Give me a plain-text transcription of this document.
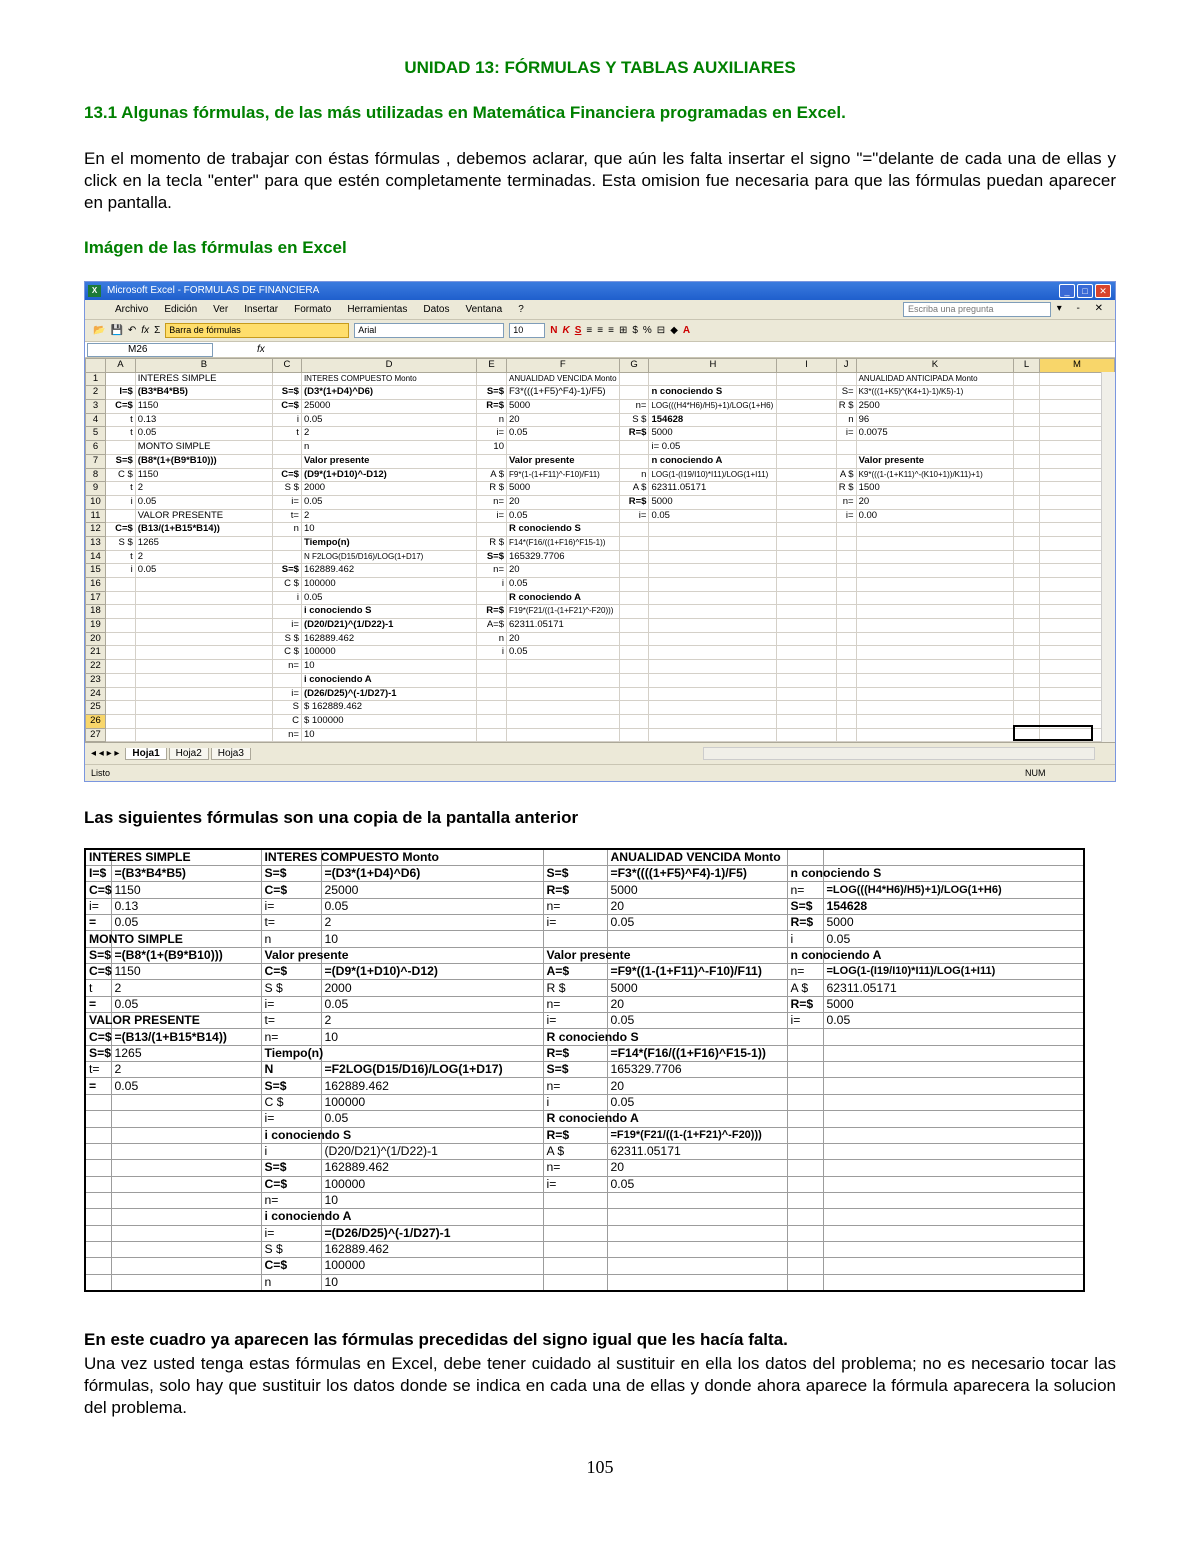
UNIDAD 13: FÓRMULAS Y TABLAS AUXILIARES
13.1 Algunas fórmulas, de las más utilizadas en Matemática Financiera programadas en Excel.
En el momento de trabajar con éstas fórmulas , debemos aclarar, que aún les falta insertar el signo "="delante de cada una de ellas y click en la tecla "enter" para que estén completamente terminadas. Esta omision fue necesaria para que las fórmulas puedan aparecer en pantalla.
Imágen de las fórmulas en Excel
X Microsoft Excel - FORMULAS DE FINANCIERA	_	□	✕
Archivo Edición Ver Insertar Formato Herramientas Datos Ventana ?	Escriba una pregunta	▾ - ✕
📂 💾 ↶ fx Σ	Barra de fórmulas	Arial	10	N K S ≡ ≡ ≡ ⊞ $ % ⊟ ◆ A
M26	fx
	A	B	C	D	E	F	G	H	I	J	K	L	M
1		INTERES SIMPLE		INTERES COMPUESTO Monto		ANUALIDAD VENCIDA Monto					ANUALIDAD ANTICIPADA Monto		
2	I=$	(B3*B4*B5)	S=$	(D3*(1+D4)^D6)	S=$	F3*(((1+F5)^F4)-1)/F5)		n conociendo S		S=	K3*(((1+K5)^(K4+1)-1)/K5)-1)		
3	C=$	1150	C=$	25000	R=$	5000	n=	LOG(((H4*H6)/H5)+1)/LOG(1+H6)		R $	2500		
4	t	0.13	i	0.05	n	20	S $	154628		n	96		
5	t	0.05	t	2	i=	0.05	R=$	5000		i=	0.0075		
6		MONTO SIMPLE		n	10			i= 0.05					
7	S=$	(B8*(1+(B9*B10)))		Valor presente		Valor presente		n conociendo A			Valor presente		
8	C $	1150	C=$	(D9*(1+D10)^-D12)	A $	F9*(1-(1+F11)^-F10)/F11)	n	LOG(1-(I19/I10)*I11)/LOG(1+I11)		A $	K9*(((1-(1+K11)^-(K10+1))/K11)+1)		
9	t	2	S $	2000	R $	5000	A $	62311.05171		R $	1500		
10	i	0.05	i=	0.05	n=	20	R=$	5000		n=	20		
11		VALOR PRESENTE	t=	2	i=	0.05	i=	0.05		i=	0.00		
12	C=$	(B13/(1+B15*B14))	n	10		R conociendo S							
13	S $	1265		Tiempo(n)	R $	F14*(F16/((1+F16)^F15-1))							
14	t	2		N F2LOG(D15/D16)/LOG(1+D17)	S=$	165329.7706							
15	i	0.05	S=$	162889.462	n=	20							
16			C $	100000	i	0.05							
17			i	0.05		R conociendo A							
18				i conociendo S	R=$	F19*(F21/((1-(1+F21)^-F20)))							
19			i=	(D20/D21)^(1/D22)-1	A=$	62311.05171							
20			S $	162889.462	n	20							
21			C $	100000	i	0.05							
22			n=	10									
23				i conociendo A									
24			i=	(D26/D25)^(-1/D27)-1									
25			S	$ 162889.462									
26			C	$ 100000									
27			n=	10									
◂ ◂ ▸ ▸	Hoja1	Hoja2	Hoja3
Listo	NUM
Las siguientes fórmulas son una copia de la pantalla anterior
INTERES SIMPLE		INTERES COMPUESTO Monto			ANUALIDAD VENCIDA Monto		
I=$	=(B3*B4*B5)	S=$	=(D3*(1+D4)^D6)	S=$	=F3*((((1+F5)^F4)-1)/F5)	n conociendo S	
C=$	1150	C=$	25000	R=$	5000	n=	=LOG(((H4*H6)/H5)+1)/LOG(1+H6)
i=	0.13	i=	0.05	n=	20	S=$	154628
=	0.05	t=	2	i=	0.05	R=$	5000
MONTO SIMPLE		n	10			i	0.05
S=$	=(B8*(1+(B9*B10)))	Valor presente		Valor presente		n conociendo A	
C=$	1150	C=$	=(D9*(1+D10)^-D12)	A=$	=F9*((1-(1+F11)^-F10)/F11)	n=	=LOG(1-(I19/I10)*I11)/LOG(1+I11)
t	2	S $	2000	R $	5000	A $	62311.05171
=	0.05	i=	0.05	n=	20	R=$	5000
VALOR PRESENTE		t=	2	i=	0.05	i=	0.05
C=$	=(B13/(1+B15*B14))	n=	10	R conociendo S			
S=$	1265	Tiempo(n)		R=$	=F14*(F16/((1+F16)^F15-1))		
t=	2	N	=F2LOG(D15/D16)/LOG(1+D17)	S=$	165329.7706		
=	0.05	S=$	162889.462	n=	20		
		C $	100000	i	0.05		
		i=	0.05	R conociendo A			
		i conociendo S		R=$	=F19*(F21/((1-(1+F21)^-F20)))		
		i	(D20/D21)^(1/D22)-1	A $	62311.05171		
		S=$	162889.462	n=	20		
		C=$	100000	i=	0.05		
		n=	10				
		i conociendo A					
		i=	=(D26/D25)^(-1/D27)-1				
		S $	162889.462				
		C=$	100000				
		n	10				
En este cuadro ya aparecen las fórmulas precedidas del signo igual que les hacía falta.
Una vez usted tenga estas fórmulas en Excel, debe tener cuidado al sustituir en ella los datos del problema; no es necesario tocar las fórmulas, solo hay que sustituir los datos donde se indica en cada una de ellas y donde ahora aparece la fórmula aparecera la solucion del problema.
105
